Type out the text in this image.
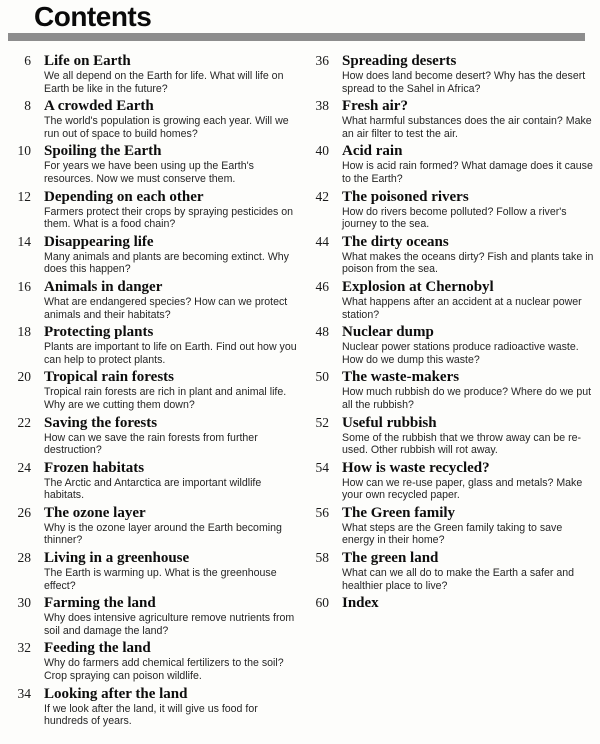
Contents
6 Life on Earth
We all depend on the Earth for life. What will life on Earth be like in the future?
8 A crowded Earth
The world's population is growing each year. Will we run out of space to build homes?
10 Spoiling the Earth
For years we have been using up the Earth's resources. Now we must conserve them.
12 Depending on each other
Farmers protect their crops by spraying pesticides on them. What is a food chain?
14 Disappearing life
Many animals and plants are becoming extinct. Why does this happen?
16 Animals in danger
What are endangered species? How can we protect animals and their habitats?
18 Protecting plants
Plants are important to life on Earth. Find out how you can help to protect plants.
20 Tropical rain forests
Tropical rain forests are rich in plant and animal life. Why are we cutting them down?
22 Saving the forests
How can we save the rain forests from further destruction?
24 Frozen habitats
The Arctic and Antarctica are important wildlife habitats.
26 The ozone layer
Why is the ozone layer around the Earth becoming thinner?
28 Living in a greenhouse
The Earth is warming up. What is the greenhouse effect?
30 Farming the land
Why does intensive agriculture remove nutrients from soil and damage the land?
32 Feeding the land
Why do farmers add chemical fertilizers to the soil? Crop spraying can poison wildlife.
34 Looking after the land
If we look after the land, it will give us food for hundreds of years.
36 Spreading deserts
How does land become desert? Why has the desert spread to the Sahel in Africa?
38 Fresh air?
What harmful substances does the air contain? Make an air filter to test the air.
40 Acid rain
How is acid rain formed? What damage does it cause to the Earth?
42 The poisoned rivers
How do rivers become polluted? Follow a river's journey to the sea.
44 The dirty oceans
What makes the oceans dirty? Fish and plants take in poison from the sea.
46 Explosion at Chernobyl
What happens after an accident at a nuclear power station?
48 Nuclear dump
Nuclear power stations produce radioactive waste. How do we dump this waste?
50 The waste-makers
How much rubbish do we produce? Where do we put all the rubbish?
52 Useful rubbish
Some of the rubbish that we throw away can be re-used. Other rubbish will rot away.
54 How is waste recycled?
How can we re-use paper, glass and metals? Make your own recycled paper.
56 The Green family
What steps are the Green family taking to save energy in their home?
58 The green land
What can we all do to make the Earth a safer and healthier place to live?
60 Index
